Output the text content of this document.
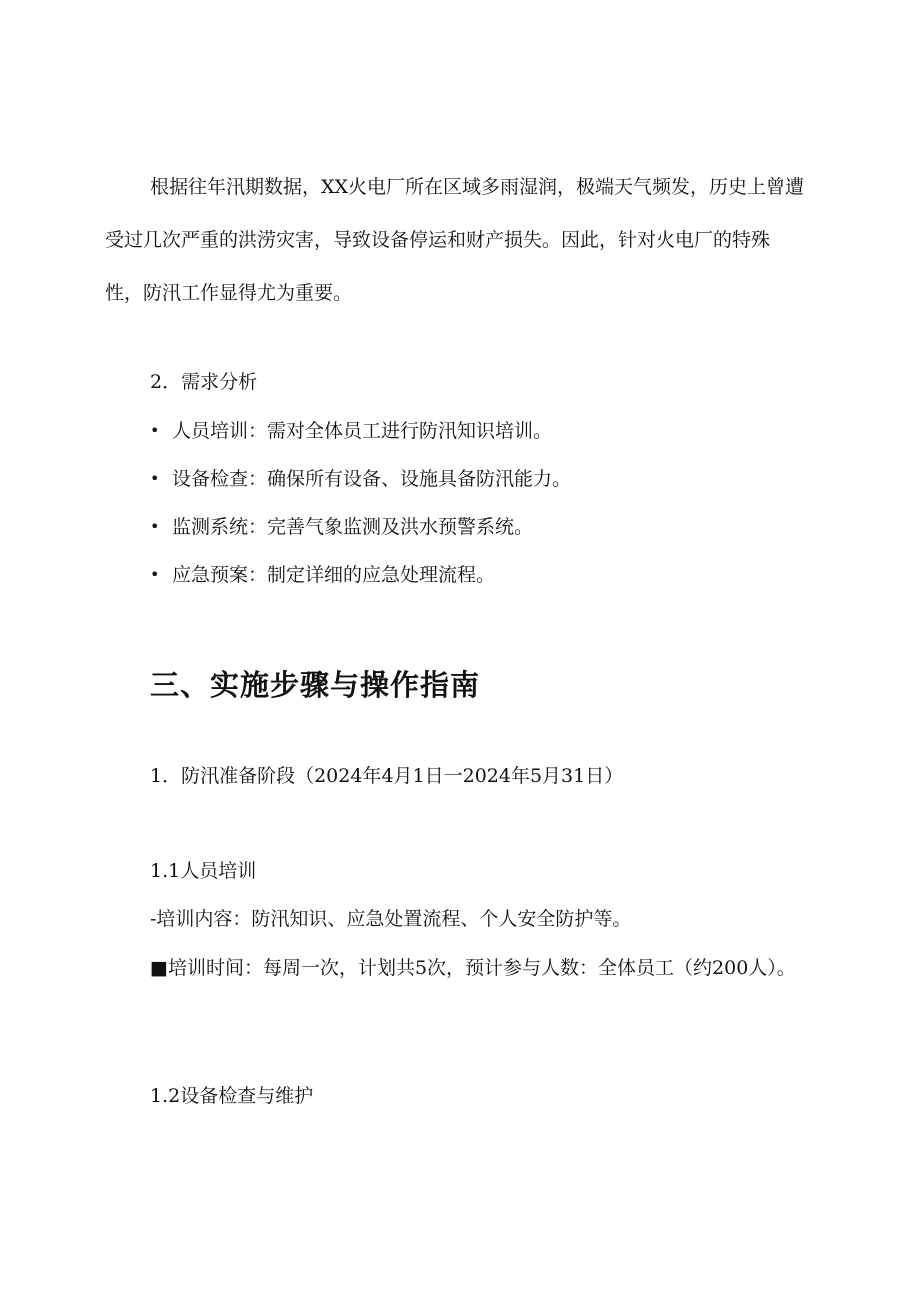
根据往年汛期数据，XX火电厂所在区域多雨湿润，极端天气频发，历史上曾遭受过几次严重的洪涝灾害，导致设备停运和财产损失。因此，针对火电厂的特殊性，防汛工作显得尤为重要。

2．需求分析

• 人员培训：需对全体员工进行防汛知识培训。
• 设备检查：确保所有设备、设施具备防汛能力。
• 监测系统：完善气象监测及洪水预警系统。
• 应急预案：制定详细的应急处理流程。
三、实施步骤与操作指南

1．防汛准备阶段（2024年4月1日一2024年5月31日）

1.1人员培训

-培训内容：防汛知识、应急处置流程、个人安全防护等。

■培训时间：每周一次，计划共5次，预计参与人数：全体员工（约200人）。

1.2设备检查与维护
